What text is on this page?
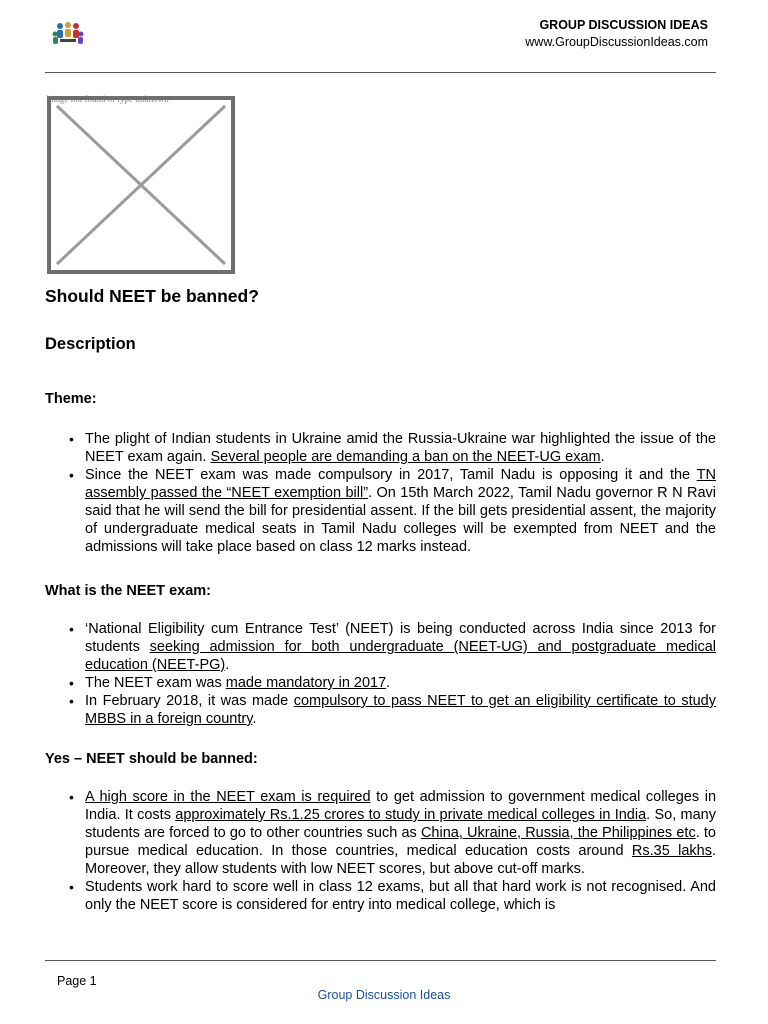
GROUP DISCUSSION IDEAS
www.GroupDiscussionIdeas.com
Image not found or type unknown
Should NEET be banned?
Description
Theme:
• The plight of Indian students in Ukraine amid the Russia-Ukraine war highlighted the issue of the NEET exam again. Several people are demanding a ban on the NEET-UG exam.
• Since the NEET exam was made compulsory in 2017, Tamil Nadu is opposing it and the TN assembly passed the “NEET exemption bill”. On 15th March 2022, Tamil Nadu governor R N Ravi said that he will send the bill for presidential assent. If the bill gets presidential assent, the majority of undergraduate medical seats in Tamil Nadu colleges will be exempted from NEET and the admissions will take place based on class 12 marks instead.
What is the NEET exam:
• ‘National Eligibility cum Entrance Test’ (NEET) is being conducted across India since 2013 for students seeking admission for both undergraduate (NEET-UG) and postgraduate medical education (NEET-PG).
• The NEET exam was made mandatory in 2017.
• In February 2018, it was made compulsory to pass NEET to get an eligibility certificate to study MBBS in a foreign country.
Yes – NEET should be banned:
• A high score in the NEET exam is required to get admission to government medical colleges in India. It costs approximately Rs.1.25 crores to study in private medical colleges in India. So, many students are forced to go to other countries such as China, Ukraine, Russia, the Philippines etc. to pursue medical education. In those countries, medical education costs around Rs.35 lakhs. Moreover, they allow students with low NEET scores, but above cut-off marks.
• Students work hard to score well in class 12 exams, but all that hard work is not recognised. And only the NEET score is considered for entry into medical college, which is
Page 1
Group Discussion Ideas
